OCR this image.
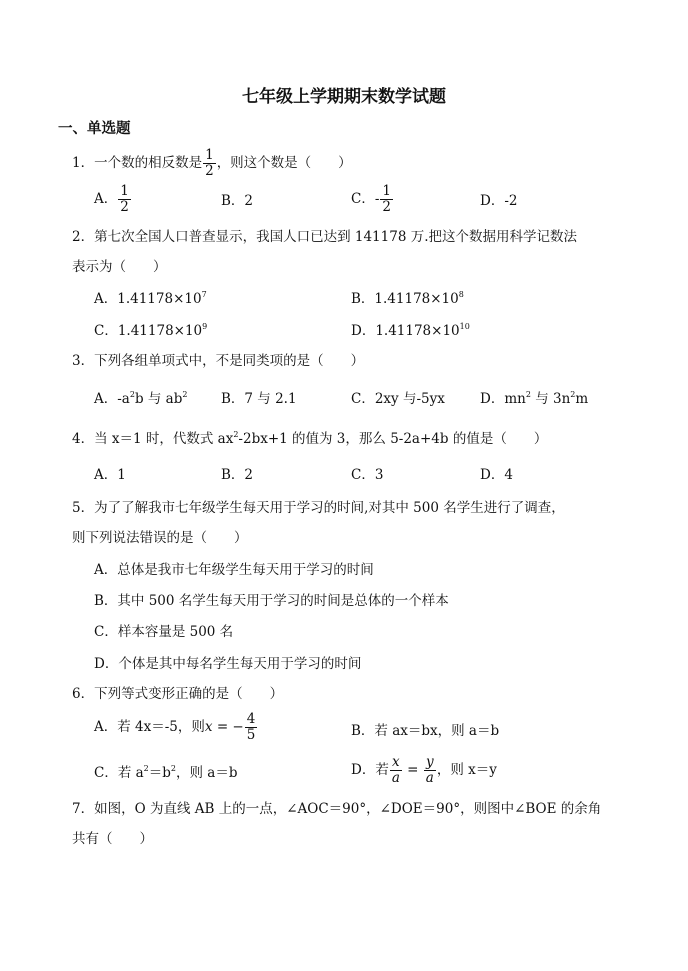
七年级上学期期末数学试题
一、单选题
1．一个数的相反数是 $\frac{1}{2}$ ，则这个数是（　　）
A． $\frac{1}{2}$	B．2	C．- $\frac{1}{2}$	D．-2
2．第七次全国人口普查显示，我国人口已达到 141178 万.把这个数据用科学记数法
表示为（　　）
A．$1.41178\times 10^7$	B．$1.41178\times 10^8$
C．$1.41178\times 10^9$	D．$1.41178\times 10^{10}$
3．下列各组单项式中，不是同类项的是（　　）
A．$-a^2b$ 与 $ab^2$ B．7 与 2.1	C．2xy 与-5yx	D．$mn^2$ 与 $3n^2m$
4．当 x＝1 时，代数式 $ax^2-2bx+1$ 的值为 3，那么 5-2a+4b 的值是（　　）
A．1	B．2	C．3	D．4
5．为了了解我市七年级学生每天用于学习的时间,对其中 500 名学生进行了调查，
则下列说法错误的是（　　）
A．总体是我市七年级学生每天用于学习的时间
B．其中 500 名学生每天用于学习的时间是总体的一个样本
C．样本容量是 500 名
D．个体是其中每名学生每天用于学习的时间
6．下列等式变形正确的是（　　）
A．若 4x＝-5，则x = − $\frac{4}{5}$	B．若 ax＝bx，则 a＝b
C．若 $a^2=b^2$，则 a＝b	D．若 $\frac{x}{a} = \frac{y}{a}$ ，则 x＝y
7．如图，O 为直线 AB 上的一点，∠AOC＝90°，∠DOE＝90°，则图中∠BOE 的余角
共有（　　）
